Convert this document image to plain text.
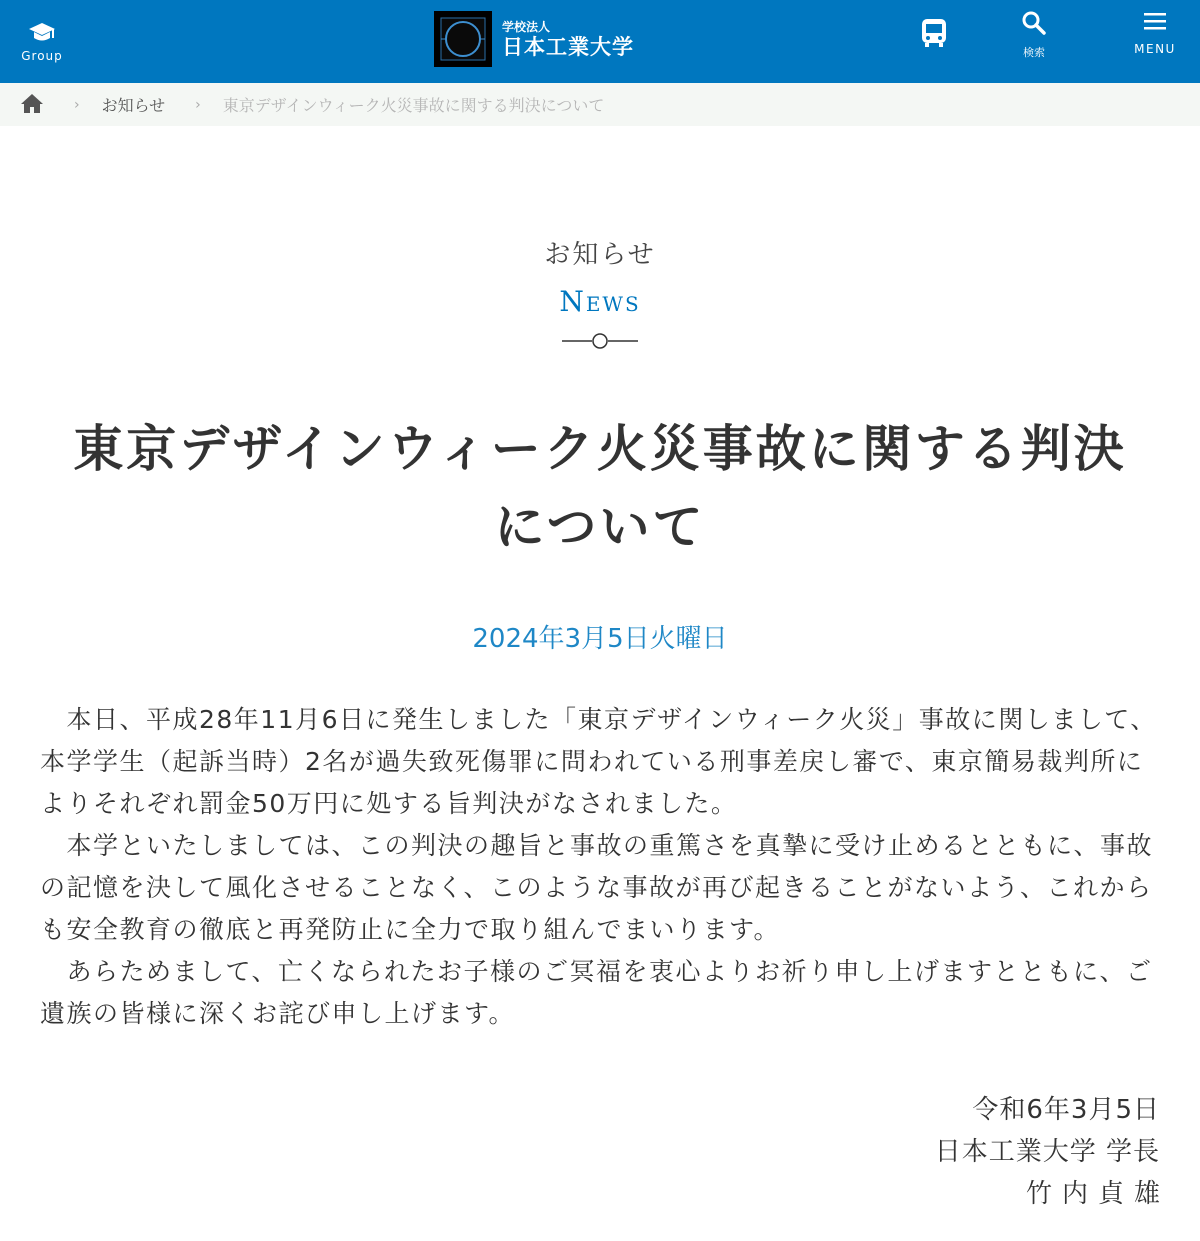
Group
学校法人
日本工業大学	検索	MENU
› お知らせ › 東京デザインウィーク火災事故に関する判決について
お知らせ
News
東京デザインウィーク火災事故に関する判決
について
2024年3月5日火曜日

　本日、平成28年11月6日に発生しました「東京デザインウィーク火災」事故に関しまして、本学学生（起訴当時）2名が過失致死傷罪に問われている刑事差戻し審で、東京簡易裁判所によりそれぞれ罰金50万円に処する旨判決がなされました。

　本学といたしましては、この判決の趣旨と事故の重篤さを真摯に受け止めるとともに、事故の記憶を決して風化させることなく、このような事故が再び起きることがないよう、これからも安全教育の徹底と再発防止に全力で取り組んでまいります。

　あらためまして、亡くなられたお子様のご冥福を衷心よりお祈り申し上げますとともに、ご遺族の皆様に深くお詫び申し上げます。

令和6年3月5日
日本工業大学 学長
竹内貞雄
